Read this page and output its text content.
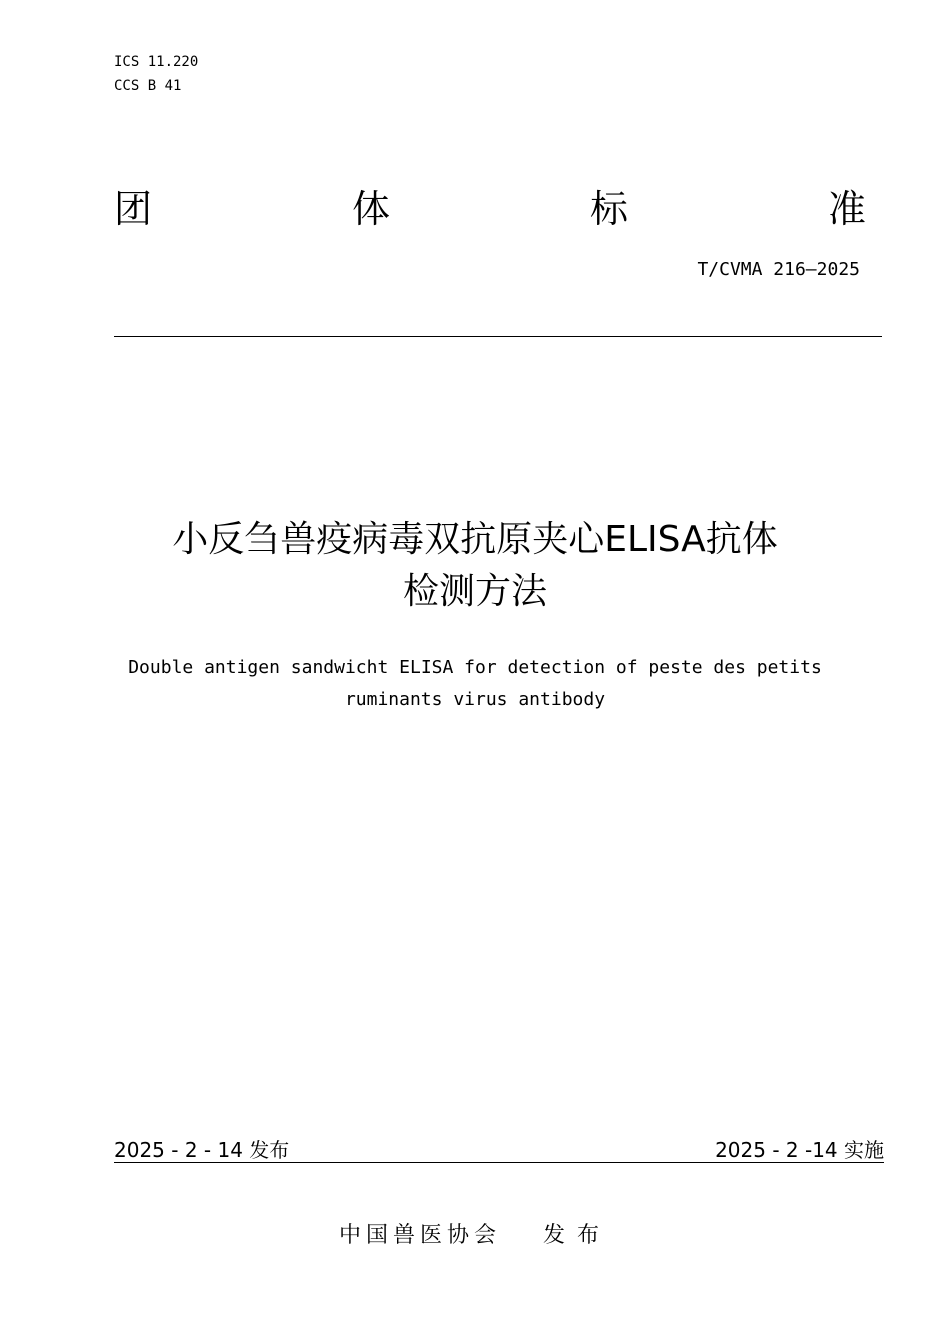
ICS 11.220
CCS B 41
团	体	标	准
T/CVMA 216—2025
小反刍兽疫病毒双抗原夹心ELISA抗体
检测方法
Double antigen sandwicht ELISA for detection of peste des petits
ruminants virus antibody
2025 - 2 - 14 发布	2025 - 2 -14 实施
中国兽医协会 发布
